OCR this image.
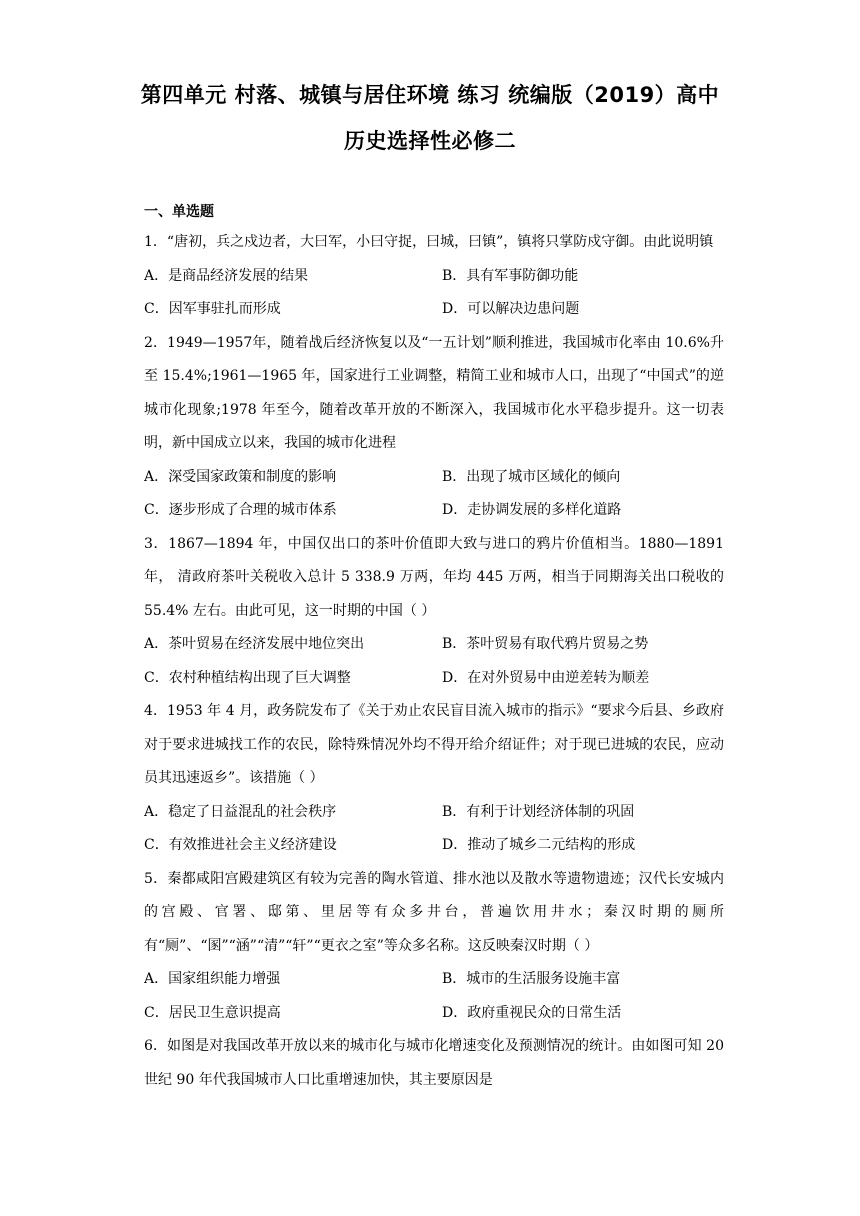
第四单元 村落、城镇与居住环境 练习 统编版（2019）高中
历史选择性必修二
一、单选题

1．“唐初，兵之戍边者，大曰军，小曰守捉，曰城，曰镇”，镇将只掌防戍守御。由此说明镇

A．是商品经济发展的结果	B．具有军事防御功能
C．因军事驻扎而形成	D．可以解决边患问题

2．1949—1957年，随着战后经济恢复以及“一五计划”顺利推进，我国城市化率由 10.6%升至 15.4%;1961—1965 年，国家进行工业调整，精简工业和城市人口，出现了“中国式”的逆城市化现象;1978 年至今，随着改革开放的不断深入，我国城市化水平稳步提升。这一切表明，新中国成立以来，我国的城市化进程

A．深受国家政策和制度的影响	B．出现了城市区域化的倾向
C．逐步形成了合理的城市体系	D．走协调发展的多样化道路

3．1867—1894 年，中国仅出口的茶叶价值即大致与进口的鸦片价值相当。1880—1891年， 清政府茶叶关税收入总计 5 338.9 万两，年均 445 万两，相当于同期海关出口税收的 55.4% 左右。由此可见，这一时期的中国（ ）

A．茶叶贸易在经济发展中地位突出	B．茶叶贸易有取代鸦片贸易之势
C．农村种植结构出现了巨大调整	D．在对外贸易中由逆差转为顺差

4．1953 年 4 月，政务院发布了《关于劝止农民盲目流入城市的指示》“要求今后县、乡政府对于要求进城找工作的农民，除特殊情况外均不得开给介绍证件；对于现已进城的农民，应动员其迅速返乡”。该措施（ ）

A．稳定了日益混乱的社会秩序	B．有利于计划经济体制的巩固
C．有效推进社会主义经济建设	D．推动了城乡二元结构的形成

5．秦都咸阳宫殿建筑区有较为完善的陶水管道、排水池以及散水等遗物遗迹；汉代长安城内的宫殿、官署、邸第、里居等有众多井台，普遍饮用井水；秦汉时期的厕所有“厕”、“圂”“涵”“清”“轩”“更衣之室”等众多名称。这反映秦汉时期（ ）

A．国家组织能力增强	B．城市的生活服务设施丰富
C．居民卫生意识提高	D．政府重视民众的日常生活

6．如图是对我国改革开放以来的城市化与城市化增速变化及预测情况的统计。由如图可知 20 世纪 90 年代我国城市人口比重增速加快，其主要原因是
